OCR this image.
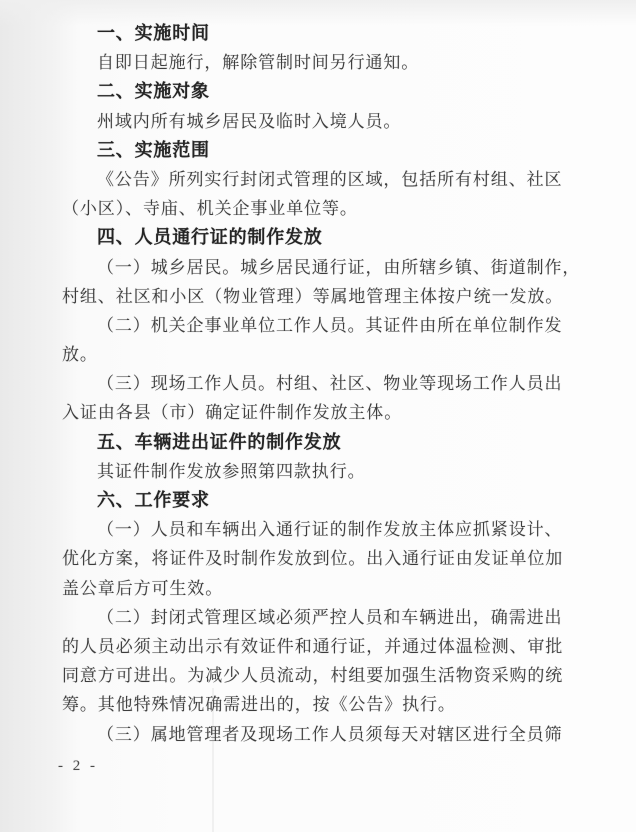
一、实施时间
自即日起施行，解除管制时间另行通知。
二、实施对象
州域内所有城乡居民及临时入境人员。
三、实施范围
《公告》所列实行封闭式管理的区域，包括所有村组、社区
（小区）、寺庙、机关企事业单位等。
四、人员通行证的制作发放
（一）城乡居民。城乡居民通行证，由所辖乡镇、街道制作，
村组、社区和小区（物业管理）等属地管理主体按户统一发放。
（二）机关企事业单位工作人员。其证件由所在单位制作发
放。
（三）现场工作人员。村组、社区、物业等现场工作人员出
入证由各县（市）确定证件制作发放主体。
五、车辆进出证件的制作发放
其证件制作发放参照第四款执行。
六、工作要求
（一）人员和车辆出入通行证的制作发放主体应抓紧设计、
优化方案，将证件及时制作发放到位。出入通行证由发证单位加
盖公章后方可生效。
（二）封闭式管理区域必须严控人员和车辆进出，确需进出
的人员必须主动出示有效证件和通行证，并通过体温检测、审批
同意方可进出。为减少人员流动，村组要加强生活物资采购的统
筹。其他特殊情况确需进出的，按《公告》执行。
（三）属地管理者及现场工作人员须每天对辖区进行全员筛
- 2 -
